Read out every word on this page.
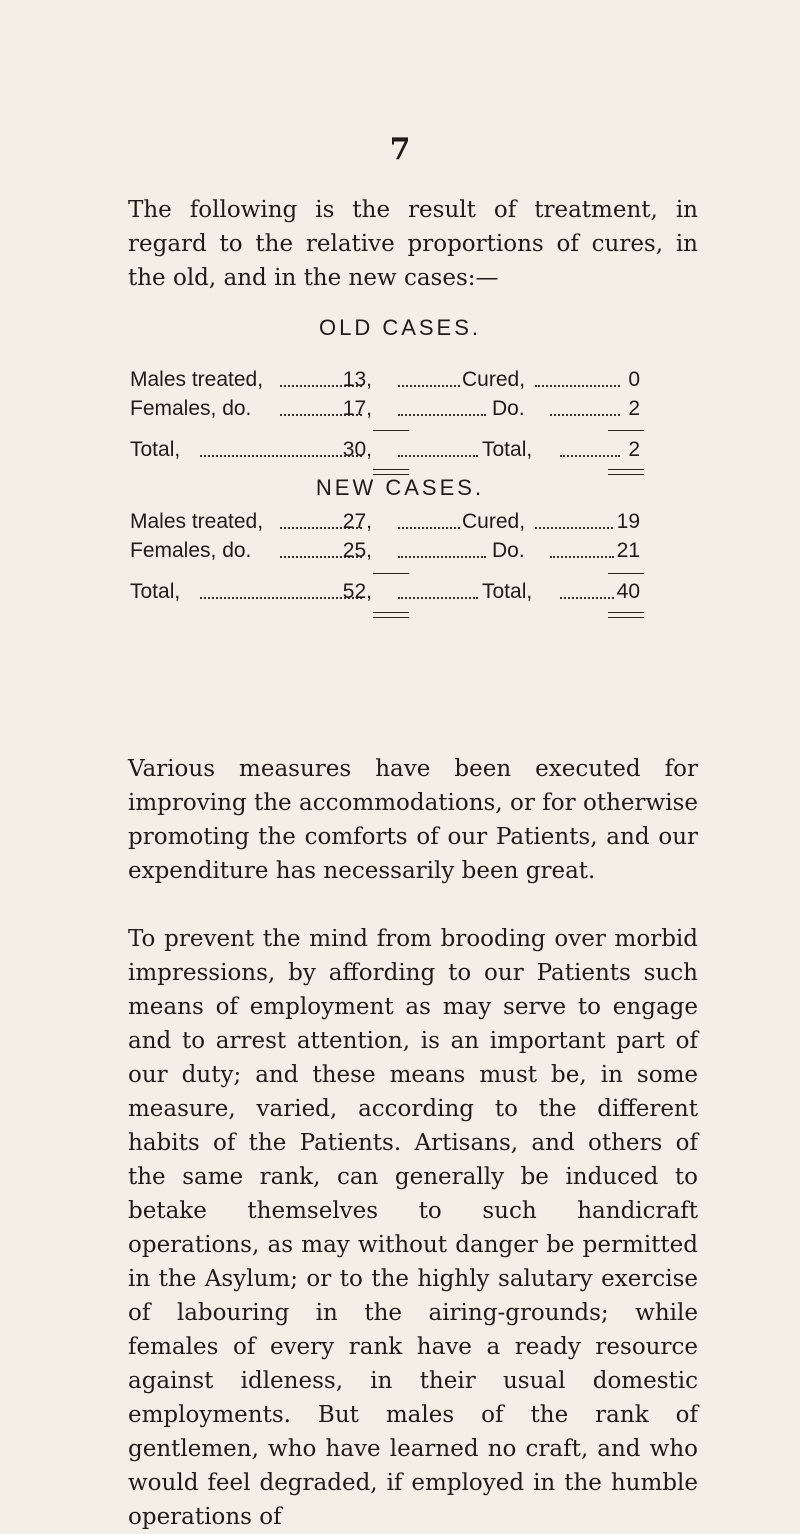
7

The following is the result of treatment, in regard to the relative proportions of cures, in the old, and in the new cases:—

OLD CASES.
Males treated,	13,	Cured,	0
Females, do.	17,	Do.	2
Total,	30,	Total,	2
NEW CASES.
Males treated,	27,	Cured,	19
Females, do.	25,	Do.	21
Total,	52,	Total,	40

Various measures have been executed for improving the accommodations, or for otherwise promoting the comforts of our Patients, and our expenditure has necessarily been great.

To prevent the mind from brooding over morbid impressions, by affording to our Patients such means of employment as may serve to engage and to arrest attention, is an important part of our duty; and these means must be, in some measure, varied, according to the different habits of the Patients. Artisans, and others of the same rank, can generally be induced to betake themselves to such handicraft operations, as may without danger be permitted in the Asylum; or to the highly salutary exercise of labouring in the airing-grounds; while females of every rank have a ready resource against idleness, in their usual domestic employments. But males of the rank of gentlemen, who have learned no craft, and who would feel degraded, if employed in the humble operations of
